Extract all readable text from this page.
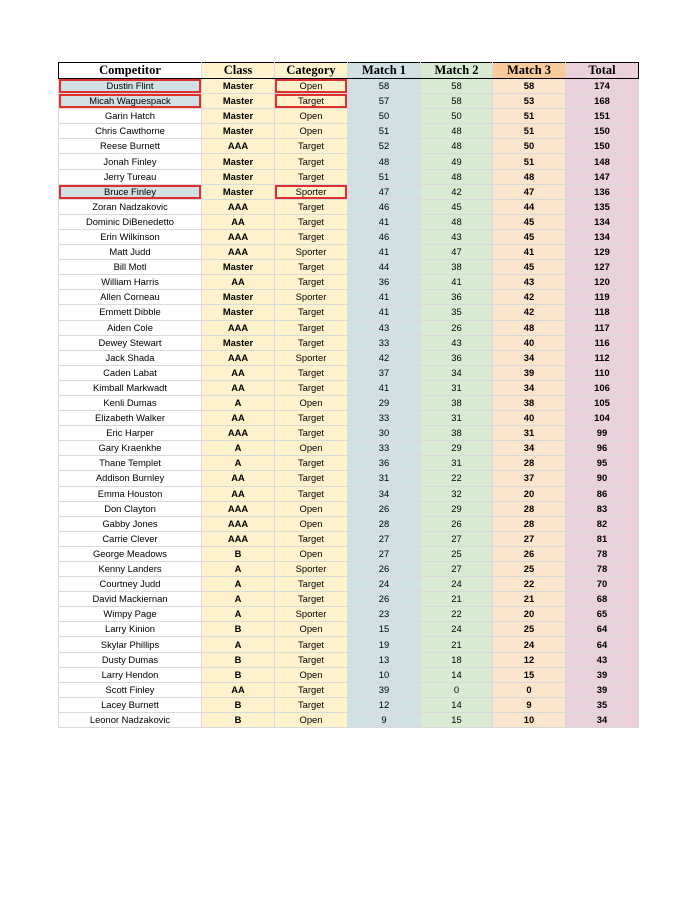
Competitor	Class	Category	Match 1	Match 2	Match 3	Total
Dustin Flint	Master	Open	58	58	58	174
Micah Waguespack	Master	Target	57	58	53	168
Garin Hatch	Master	Open	50	50	51	151
Chris Cawthorne	Master	Open	51	48	51	150
Reese Burnett	AAA	Target	52	48	50	150
Jonah Finley	Master	Target	48	49	51	148
Jerry Tureau	Master	Target	51	48	48	147
Bruce Finley	Master	Sporter	47	42	47	136
Zoran Nadzakovic	AAA	Target	46	45	44	135
Dominic DiBenedetto	AA	Target	41	48	45	134
Erin Wilkinson	AAA	Target	46	43	45	134
Matt Judd	AAA	Sporter	41	47	41	129
Bill Motl	Master	Target	44	38	45	127
William Harris	AA	Target	36	41	43	120
Allen Corneau	Master	Sporter	41	36	42	119
Emmett Dibble	Master	Target	41	35	42	118
Aiden Cole	AAA	Target	43	26	48	117
Dewey Stewart	Master	Target	33	43	40	116
Jack Shada	AAA	Sporter	42	36	34	112
Caden Labat	AA	Target	37	34	39	110
Kimball Markwadt	AA	Target	41	31	34	106
Kenli Dumas	A	Open	29	38	38	105
Elizabeth Walker	AA	Target	33	31	40	104
Eric Harper	AAA	Target	30	38	31	99
Gary Kraenkhe	A	Open	33	29	34	96
Thane Templet	A	Target	36	31	28	95
Addison Burnley	AA	Target	31	22	37	90
Emma Houston	AA	Target	34	32	20	86
Don Clayton	AAA	Open	26	29	28	83
Gabby Jones	AAA	Open	28	26	28	82
Carrie Clever	AAA	Target	27	27	27	81
George Meadows	B	Open	27	25	26	78
Kenny Landers	A	Sporter	26	27	25	78
Courtney Judd	A	Target	24	24	22	70
David Mackiernan	A	Target	26	21	21	68
Wimpy Page	A	Sporter	23	22	20	65
Larry Kinion	B	Open	15	24	25	64
Skylar Phillips	A	Target	19	21	24	64
Dusty Dumas	B	Target	13	18	12	43
Larry Hendon	B	Open	10	14	15	39
Scott Finley	AA	Target	39	0	0	39
Lacey Burnett	B	Target	12	14	9	35
Leonor Nadzakovic	B	Open	9	15	10	34
